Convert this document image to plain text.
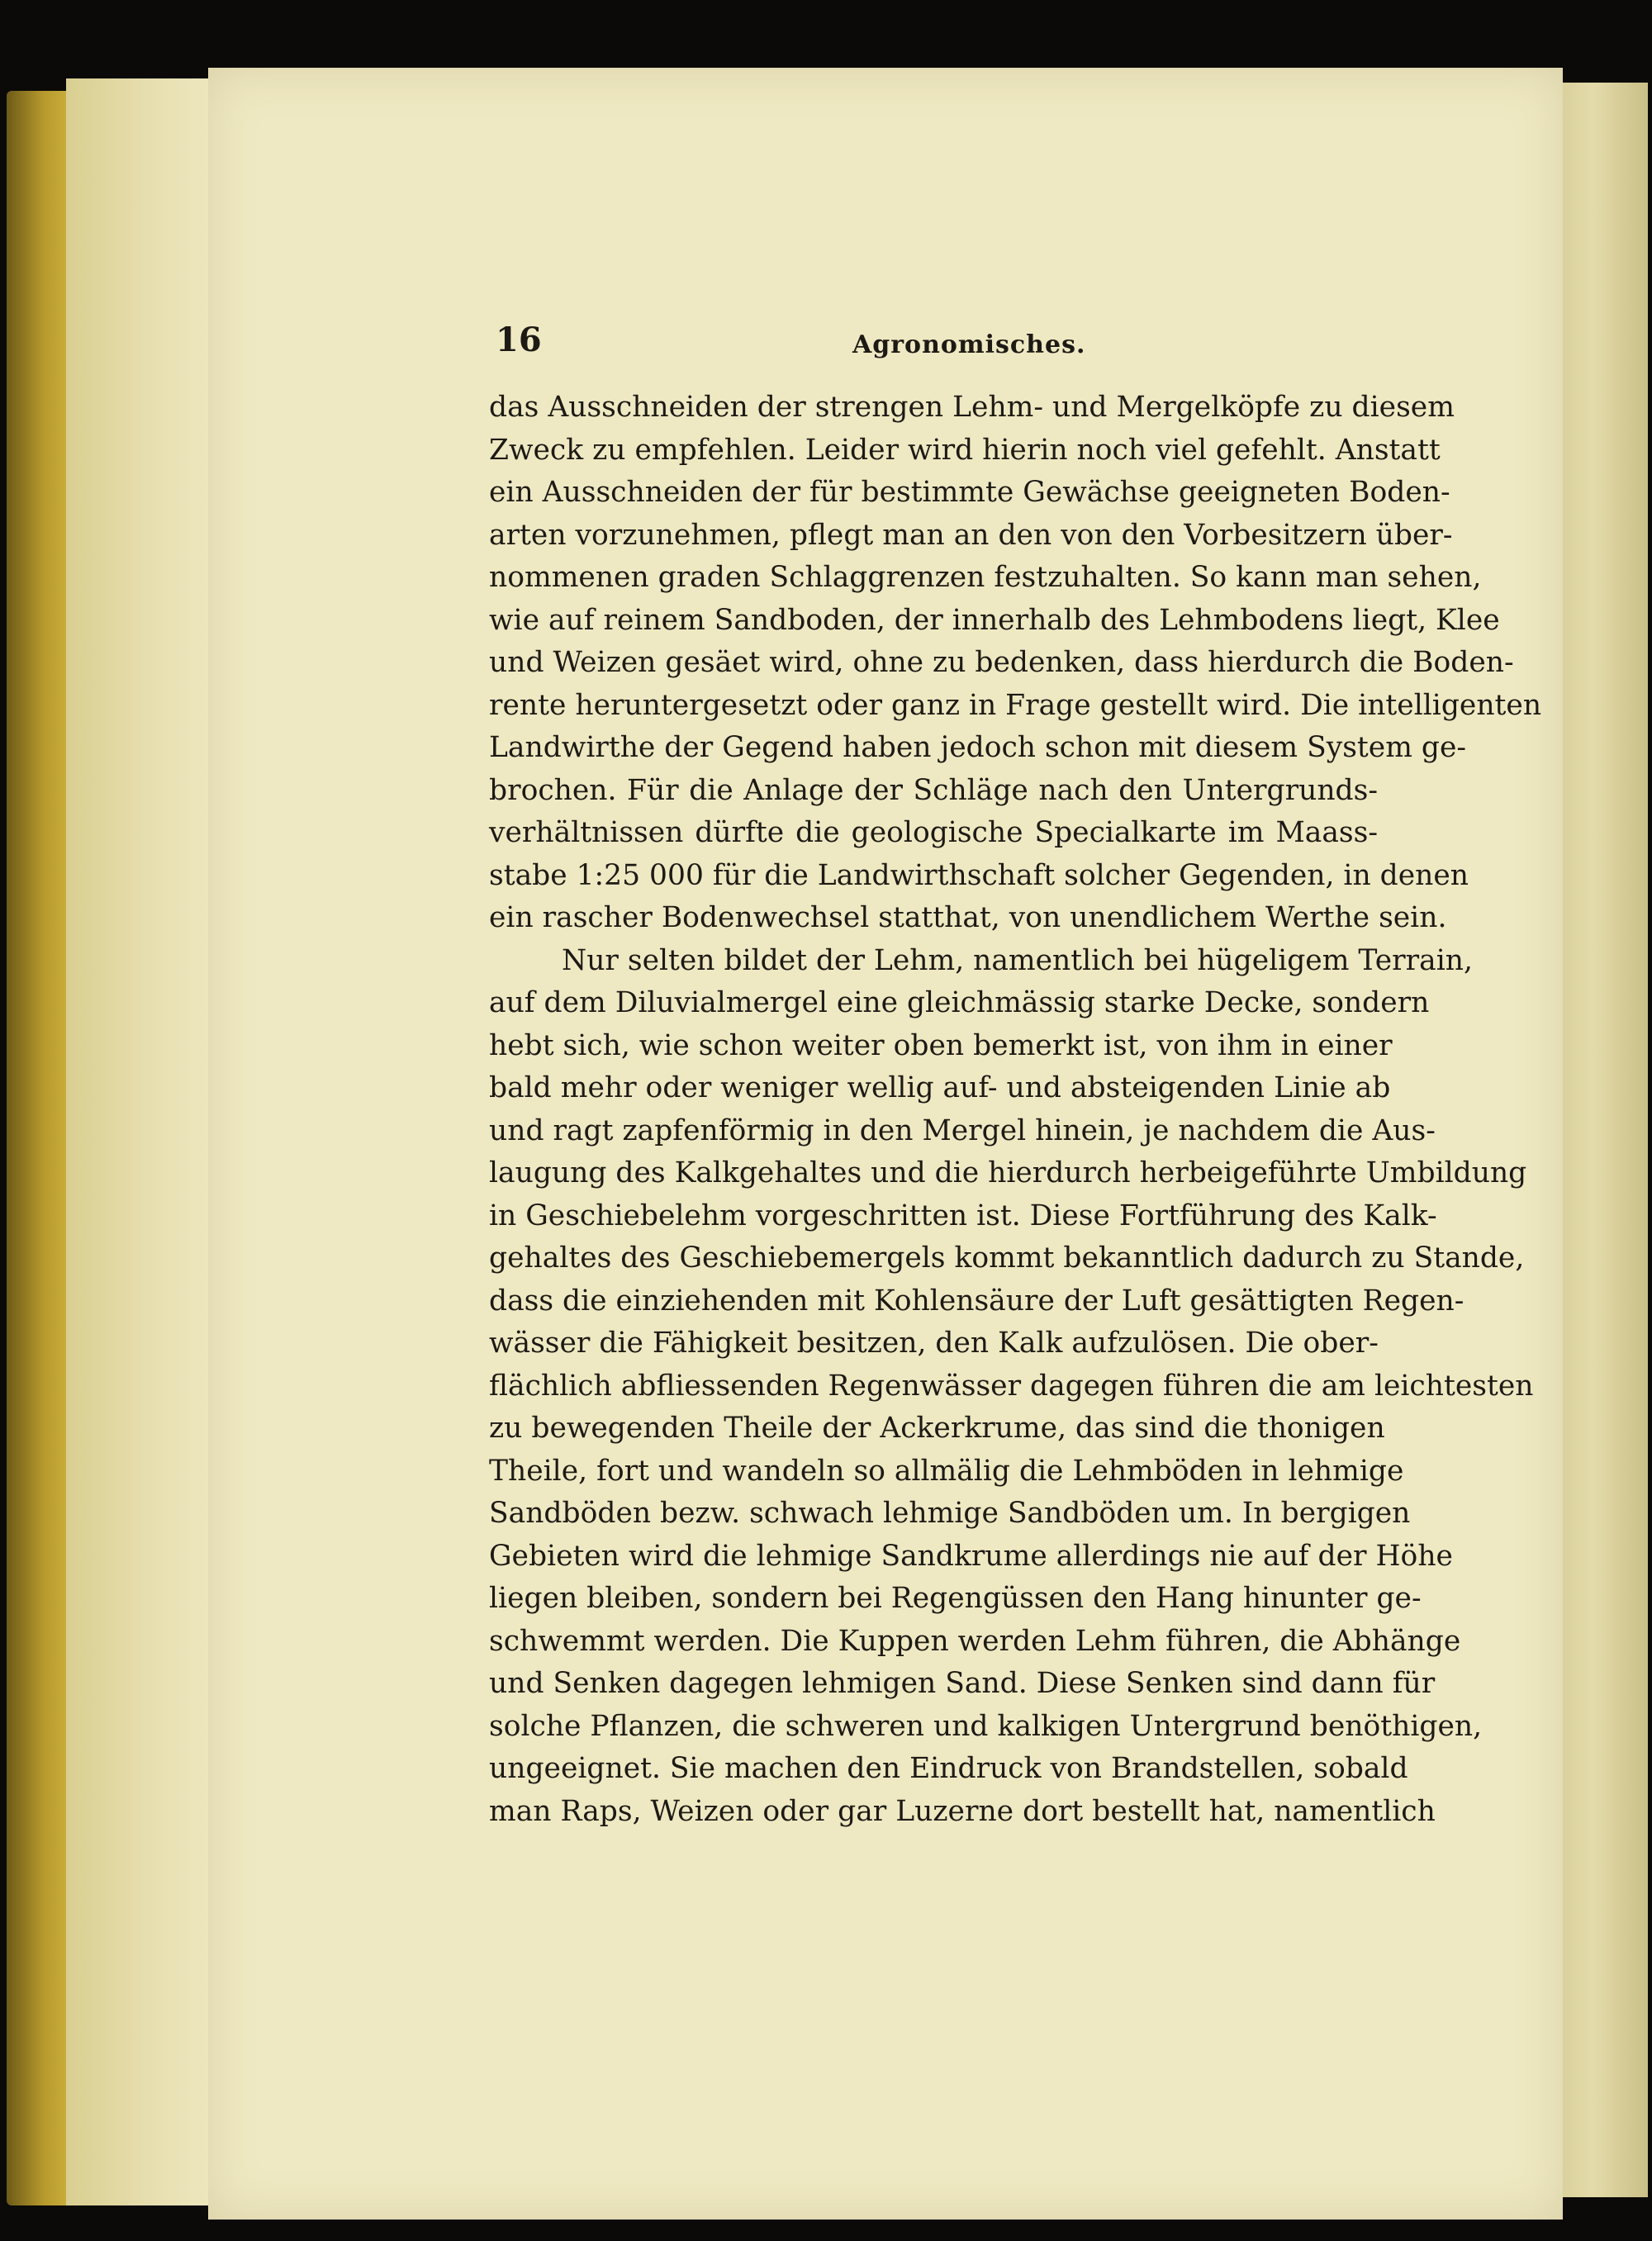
16	Agronomisches.
das Ausschneiden der strengen Lehm- und Mergelköpfe zu diesem
Zweck zu empfehlen. Leider wird hierin noch viel gefehlt. Anstatt
ein Ausschneiden der für bestimmte Gewächse geeigneten Boden-
arten vorzunehmen, pflegt man an den von den Vorbesitzern über-
nommenen graden Schlaggrenzen festzuhalten. So kann man sehen,
wie auf reinem Sandboden, der innerhalb des Lehmbodens liegt, Klee
und Weizen gesäet wird, ohne zu bedenken, dass hierdurch die Boden-
rente heruntergesetzt oder ganz in Frage gestellt wird. Die intelligenten
Landwirthe der Gegend haben jedoch schon mit diesem System ge-
brochen. Für die Anlage der Schläge nach den Untergrunds-
verhältnissen dürfte die geologische Specialkarte im Maass-
stabe 1:25 000 für die Landwirthschaft solcher Gegenden, in denen
ein rascher Bodenwechsel statthat, von unendlichem Werthe sein.
Nur selten bildet der Lehm, namentlich bei hügeligem Terrain,
auf dem Diluvialmergel eine gleichmässig starke Decke, sondern
hebt sich, wie schon weiter oben bemerkt ist, von ihm in einer
bald mehr oder weniger wellig auf- und absteigenden Linie ab
und ragt zapfenförmig in den Mergel hinein, je nachdem die Aus-
laugung des Kalkgehaltes und die hierdurch herbeigeführte Umbildung
in Geschiebelehm vorgeschritten ist. Diese Fortführung des Kalk-
gehaltes des Geschiebemergels kommt bekanntlich dadurch zu Stande,
dass die einziehenden mit Kohlensäure der Luft gesättigten Regen-
wässer die Fähigkeit besitzen, den Kalk aufzulösen. Die ober-
flächlich abfliessenden Regenwässer dagegen führen die am leichtesten
zu bewegenden Theile der Ackerkrume, das sind die thonigen
Theile, fort und wandeln so allmälig die Lehmböden in lehmige
Sandböden bezw. schwach lehmige Sandböden um. In bergigen
Gebieten wird die lehmige Sandkrume allerdings nie auf der Höhe
liegen bleiben, sondern bei Regengüssen den Hang hinunter ge-
schwemmt werden. Die Kuppen werden Lehm führen, die Abhänge
und Senken dagegen lehmigen Sand. Diese Senken sind dann für
solche Pflanzen, die schweren und kalkigen Untergrund benöthigen,
ungeeignet. Sie machen den Eindruck von Brandstellen, sobald
man Raps, Weizen oder gar Luzerne dort bestellt hat, namentlich
